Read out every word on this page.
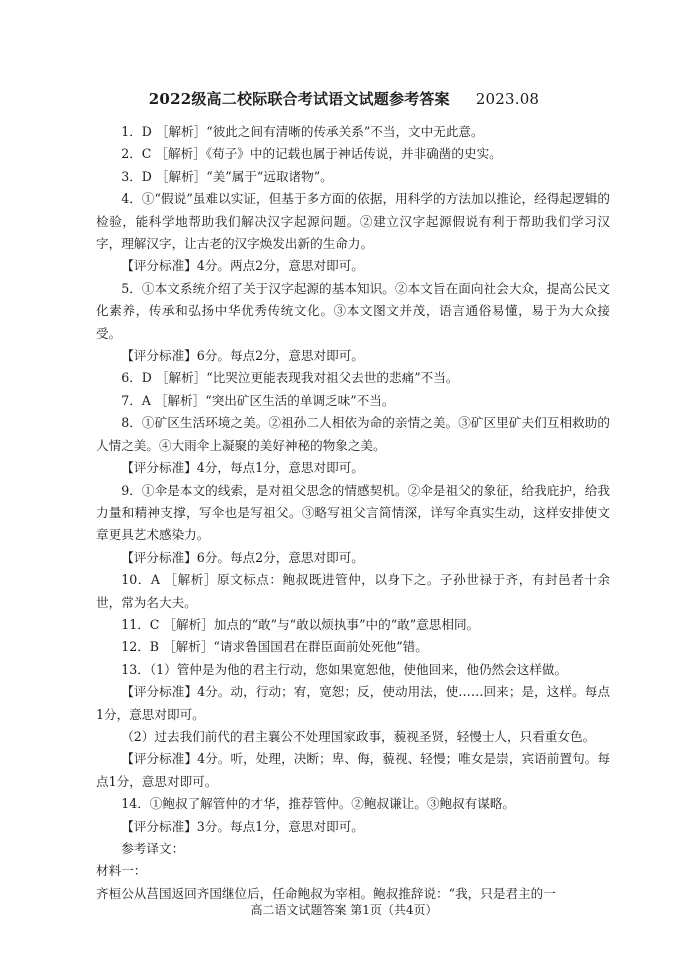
2022级高二校际联合考试语文试题参考答案 2023.08

1．D ［解析］“彼此之间有清晰的传承关系”不当，文中无此意。

2．C ［解析］《荀子》中的记载也属于神话传说，并非确凿的史实。

3．D ［解析］“美”属于“远取诸物”。

4．①“假说”虽难以实证，但基于多方面的依据，用科学的方法加以推论，经得起逻辑的检验，能科学地帮助我们解决汉字起源问题。②建立汉字起源假说有利于帮助我们学习汉字，理解汉字，让古老的汉字焕发出新的生命力。

【评分标准】4分。两点2分，意思对即可。

5．①本文系统介绍了关于汉字起源的基本知识。②本文旨在面向社会大众，提高公民文化素养，传承和弘扬中华优秀传统文化。③本文图文并茂，语言通俗易懂，易于为大众接受。

【评分标准】6分。每点2分，意思对即可。

6．D ［解析］“比哭泣更能表现我对祖父去世的悲痛”不当。

7．A ［解析］“突出矿区生活的单调乏味”不当。

8．①矿区生活环境之美。②祖孙二人相依为命的亲情之美。③矿区里矿夫们互相救助的人情之美。④大雨伞上凝聚的美好神秘的物象之美。

【评分标准】4分，每点1分，意思对即可。

9．①伞是本文的线索，是对祖父思念的情感契机。②伞是祖父的象征，给我庇护，给我力量和精神支撑，写伞也是写祖父。③略写祖父言简情深，详写伞真实生动，这样安排使文章更具艺术感染力。

【评分标准】6分。每点2分，意思对即可。

10．A ［解析］原文标点：鲍叔既进管仲，以身下之。子孙世禄于齐，有封邑者十余世，常为名大夫。

11．C ［解析］加点的“敢”与“敢以烦执事”中的“敢”意思相同。

12．B ［解析］“请求鲁国国君在群臣面前处死他”错。

13．（1）管仲是为他的君主行动，您如果宽恕他，使他回来，他仍然会这样做。

【评分标准】4分。动，行动；宥，宽恕；反，使动用法，使……回来；是，这样。每点1分，意思对即可。

（2）过去我们前代的君主襄公不处理国家政事，藐视圣贤，轻慢士人，只看重女色。

【评分标准】4分。听，处理，决断；卑、侮，藐视、轻慢；唯女是崇，宾语前置句。每点1分，意思对即可。

14．①鲍叔了解管仲的才华，推荐管仲。②鲍叔谦让。③鲍叔有谋略。

【评分标准】3分。每点1分，意思对即可。

参考译文：

材料一：

齐桓公从莒国返回齐国继位后，任命鲍叔为宰相。鲍叔推辞说：“我，只是君主的一

高二语文试题答案 第1页（共4页）
